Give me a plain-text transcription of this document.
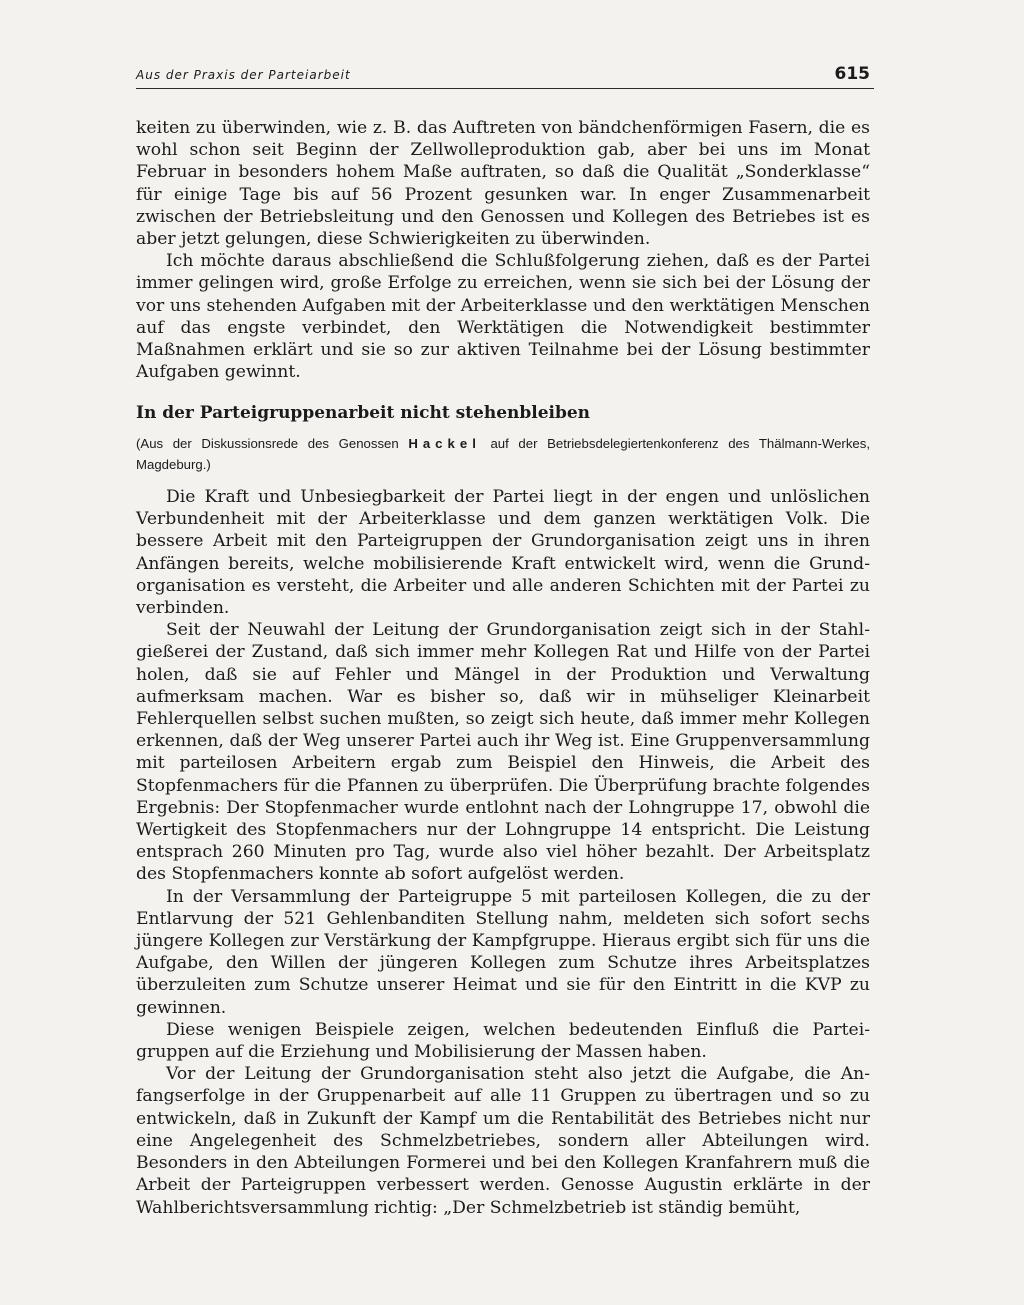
Aus der Praxis der Parteiarbeit	615

keiten zu überwinden, wie z. B. das Auftreten von bändchenförmigen Fasern, die es wohl schon seit Beginn der Zellwolleproduktion gab, aber bei uns im Monat Februar in besonders hohem Maße auftraten, so daß die Qualität „Sonderklasse“ für einige Tage bis auf 56 Prozent gesunken war. In enger Zusammenarbeit zwischen der Betriebsleitung und den Genossen und Kollegen des Betriebes ist es aber jetzt gelungen, diese Schwierigkeiten zu überwinden.

Ich möchte daraus abschließend die Schlußfolgerung ziehen, daß es der Partei immer gelingen wird, große Erfolge zu erreichen, wenn sie sich bei der Lösung der vor uns stehenden Aufgaben mit der Arbeiterklasse und den werktätigen Menschen auf das engste verbindet, den Werktätigen die Notwendigkeit bestimmter Maßnahmen erklärt und sie so zur aktiven Teilnahme bei der Lösung bestimmter Aufgaben gewinnt.

In der Parteigruppenarbeit nicht stehenbleiben
(Aus der Diskussionsrede des Genossen Hackel auf der Betriebsdelegiertenkonferenz des Thälmann-Werkes, Magdeburg.)

Die Kraft und Unbesiegbarkeit der Partei liegt in der engen und unlöslichen Verbundenheit mit der Arbeiterklasse und dem ganzen werktätigen Volk. Die bessere Arbeit mit den Parteigruppen der Grundorganisation zeigt uns in ihren Anfängen bereits, welche mobilisierende Kraft entwickelt wird, wenn die Grundorganisation es versteht, die Arbeiter und alle anderen Schichten mit der Partei zu verbinden.

Seit der Neuwahl der Leitung der Grundorganisation zeigt sich in der Stahlgießerei der Zustand, daß sich immer mehr Kollegen Rat und Hilfe von der Partei holen, daß sie auf Fehler und Mängel in der Produktion und Verwaltung aufmerksam machen. War es bisher so, daß wir in mühseliger Kleinarbeit Fehlerquellen selbst suchen mußten, so zeigt sich heute, daß immer mehr Kollegen erkennen, daß der Weg unserer Partei auch ihr Weg ist. Eine Gruppenversammlung mit parteilosen Arbeitern ergab zum Beispiel den Hinweis, die Arbeit des Stopfenmachers für die Pfannen zu überprüfen. Die Überprüfung brachte folgendes Ergebnis: Der Stopfenmacher wurde entlohnt nach der Lohngruppe 17, obwohl die Wertigkeit des Stopfenmachers nur der Lohngruppe 14 entspricht. Die Leistung entsprach 260 Minuten pro Tag, wurde also viel höher bezahlt. Der Arbeitsplatz des Stopfenmachers konnte ab sofort aufgelöst werden.

In der Versammlung der Parteigruppe 5 mit parteilosen Kollegen, die zu der Entlarvung der 521 Gehlenbanditen Stellung nahm, meldeten sich sofort sechs jüngere Kollegen zur Verstärkung der Kampfgruppe. Hieraus ergibt sich für uns die Aufgabe, den Willen der jüngeren Kollegen zum Schutze ihres Arbeitsplatzes überzuleiten zum Schutze unserer Heimat und sie für den Eintritt in die KVP zu gewinnen.

Diese wenigen Beispiele zeigen, welchen bedeutenden Einfluß die Parteigruppen auf die Erziehung und Mobilisierung der Massen haben.

Vor der Leitung der Grundorganisation steht also jetzt die Aufgabe, die Anfangserfolge in der Gruppenarbeit auf alle 11 Gruppen zu übertragen und so zu entwickeln, daß in Zukunft der Kampf um die Rentabilität des Betriebes nicht nur eine Angelegenheit des Schmelzbetriebes, sondern aller Abteilungen wird. Besonders in den Abteilungen Formerei und bei den Kollegen Kranfahrern muß die Arbeit der Parteigruppen verbessert werden. Genosse Augustin erklärte in der Wahlberichtsversammlung richtig: „Der Schmelzbetrieb ist ständig bemüht,
